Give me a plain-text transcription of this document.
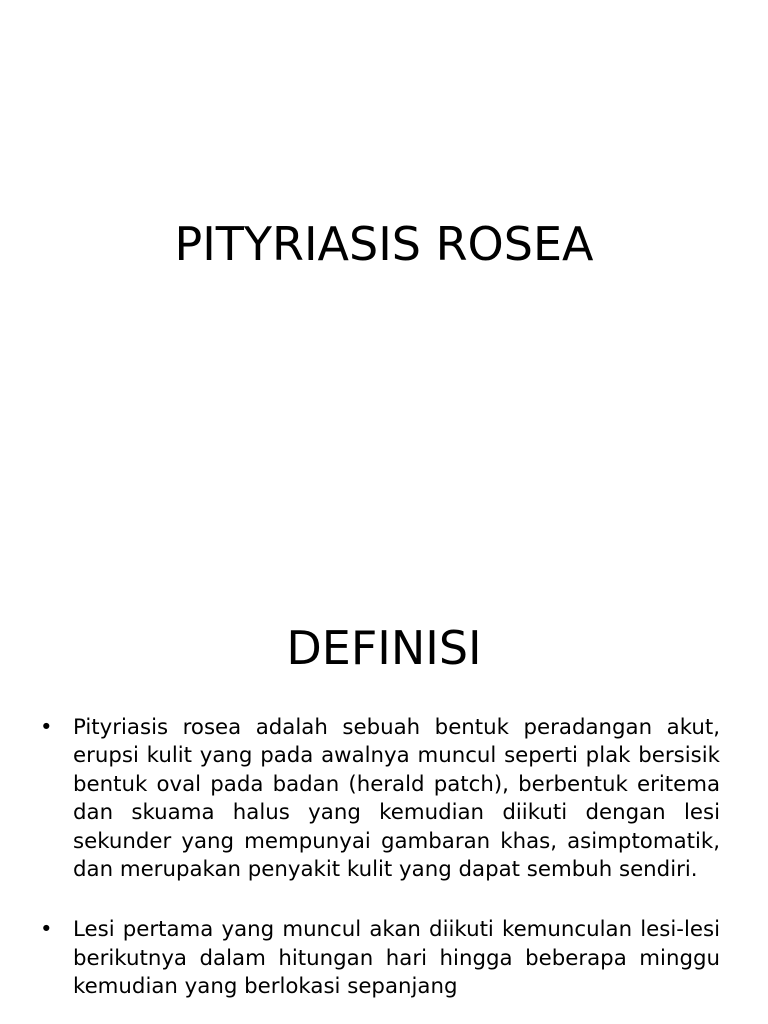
PITYRIASIS ROSEA
DEFINISI
• Pityriasis rosea adalah sebuah bentuk peradangan akut, erupsi kulit yang pada awalnya muncul seperti plak bersisik bentuk oval pada badan (herald patch), berbentuk eritema dan skuama halus yang kemudian diikuti dengan lesi sekunder yang mempunyai gambaran khas, asimptomatik, dan merupakan penyakit kulit yang dapat sembuh sendiri.
• Lesi pertama yang muncul akan diikuti kemunculan lesi-lesi berikutnya dalam hitungan hari hingga beberapa minggu kemudian yang berlokasi sepanjang
